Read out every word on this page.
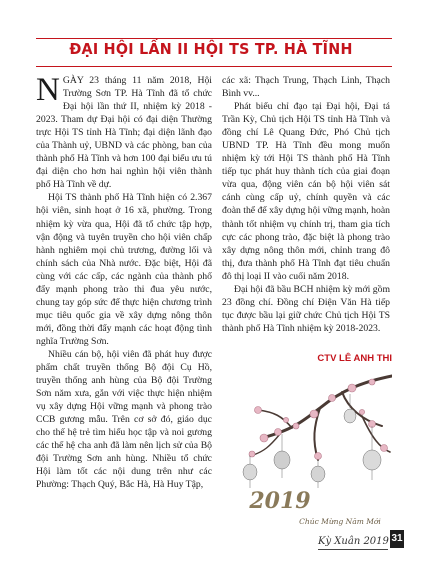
ĐẠI HỘI LẦN II HỘI TS TP. HÀ TĨNH

NGÀY 23 tháng 11 năm 2018, Hội Trường Sơn TP. Hà Tĩnh đã tổ chức Đại hội lần thứ II, nhiệm kỳ 2018 - 2023. Tham dự Đại hội có đại diện Thường trực Hội TS tỉnh Hà Tĩnh; đại diện lãnh đạo của Thành uỷ, UBND và các phòng, ban của thành phố Hà Tĩnh và hơn 100 đại biểu ưu tú đại diện cho hơn hai nghìn hội viên thành phố Hà Tĩnh về dự.

Hội TS thành phố Hà Tĩnh hiện có 2.367 hội viên, sinh hoạt ở 16 xã, phường. Trong nhiệm kỳ vừa qua, Hội đã tổ chức tập hợp, vận động và tuyên truyền cho hội viên chấp hành nghiêm mọi chủ trương, đường lối và chính sách của Nhà nước. Đặc biệt, Hội đã cùng với các cấp, các ngành của thành phố đẩy mạnh phong trào thi đua yêu nước, chung tay góp sức để thực hiện chương trình mục tiêu quốc gia về xây dựng nông thôn mới, đồng thời đẩy mạnh các hoạt động tình nghĩa Trường Sơn.

Nhiều cán bộ, hội viên đã phát huy được phẩm chất truyền thống Bộ đội Cụ Hồ, truyền thống anh hùng của Bộ đội Trường Sơn năm xưa, gắn với việc thực hiện nhiệm vụ xây dựng Hội vững mạnh và phong trào CCB gương mẫu. Trên cơ sở đó, giáo dục cho thế hệ trẻ tìm hiểu học tập và noi gương các thế hệ cha anh đã làm nên lịch sử của Bộ đội Trường Sơn anh hùng. Nhiều tổ chức Hội làm tốt các nội dung trên như các Phường: Thạch Quý, Bắc Hà, Hà Huy Tập,

các xã: Thạch Trung, Thạch Linh, Thạch Bình vv...

Phát biểu chỉ đạo tại Đại hội, Đại tá Trần Kỳ, Chủ tịch Hội TS tỉnh Hà Tĩnh và đồng chí Lê Quang Đức, Phó Chủ tịch UBND TP. Hà Tĩnh đều mong muốn nhiệm kỳ tới Hội TS thành phố Hà Tĩnh tiếp tục phát huy thành tích của giai đoạn vừa qua, động viên cán bộ hội viên sát cánh cùng cấp uỷ, chính quyền và các đoàn thể để xây dựng hội vững mạnh, hoàn thành tốt nhiệm vụ chính trị, tham gia tích cực các phong trào, đặc biệt là phong trào xây dựng nông thôn mới, chỉnh trang đô thị, đưa thành phố Hà Tĩnh đạt tiêu chuẩn đô thị loại II vào cuối năm 2018.

Đại hội đã bầu BCH nhiệm kỳ mới gồm 23 đồng chí. Đồng chí Điện Văn Hà tiếp tục được bầu lại giữ chức Chủ tịch Hội TS thành phố Hà Tĩnh nhiệm kỳ 2018-2023.

CTV LÊ ANH THI
2019
Chúc Mừng Năm Mới
Kỳ Xuân 2019 31
